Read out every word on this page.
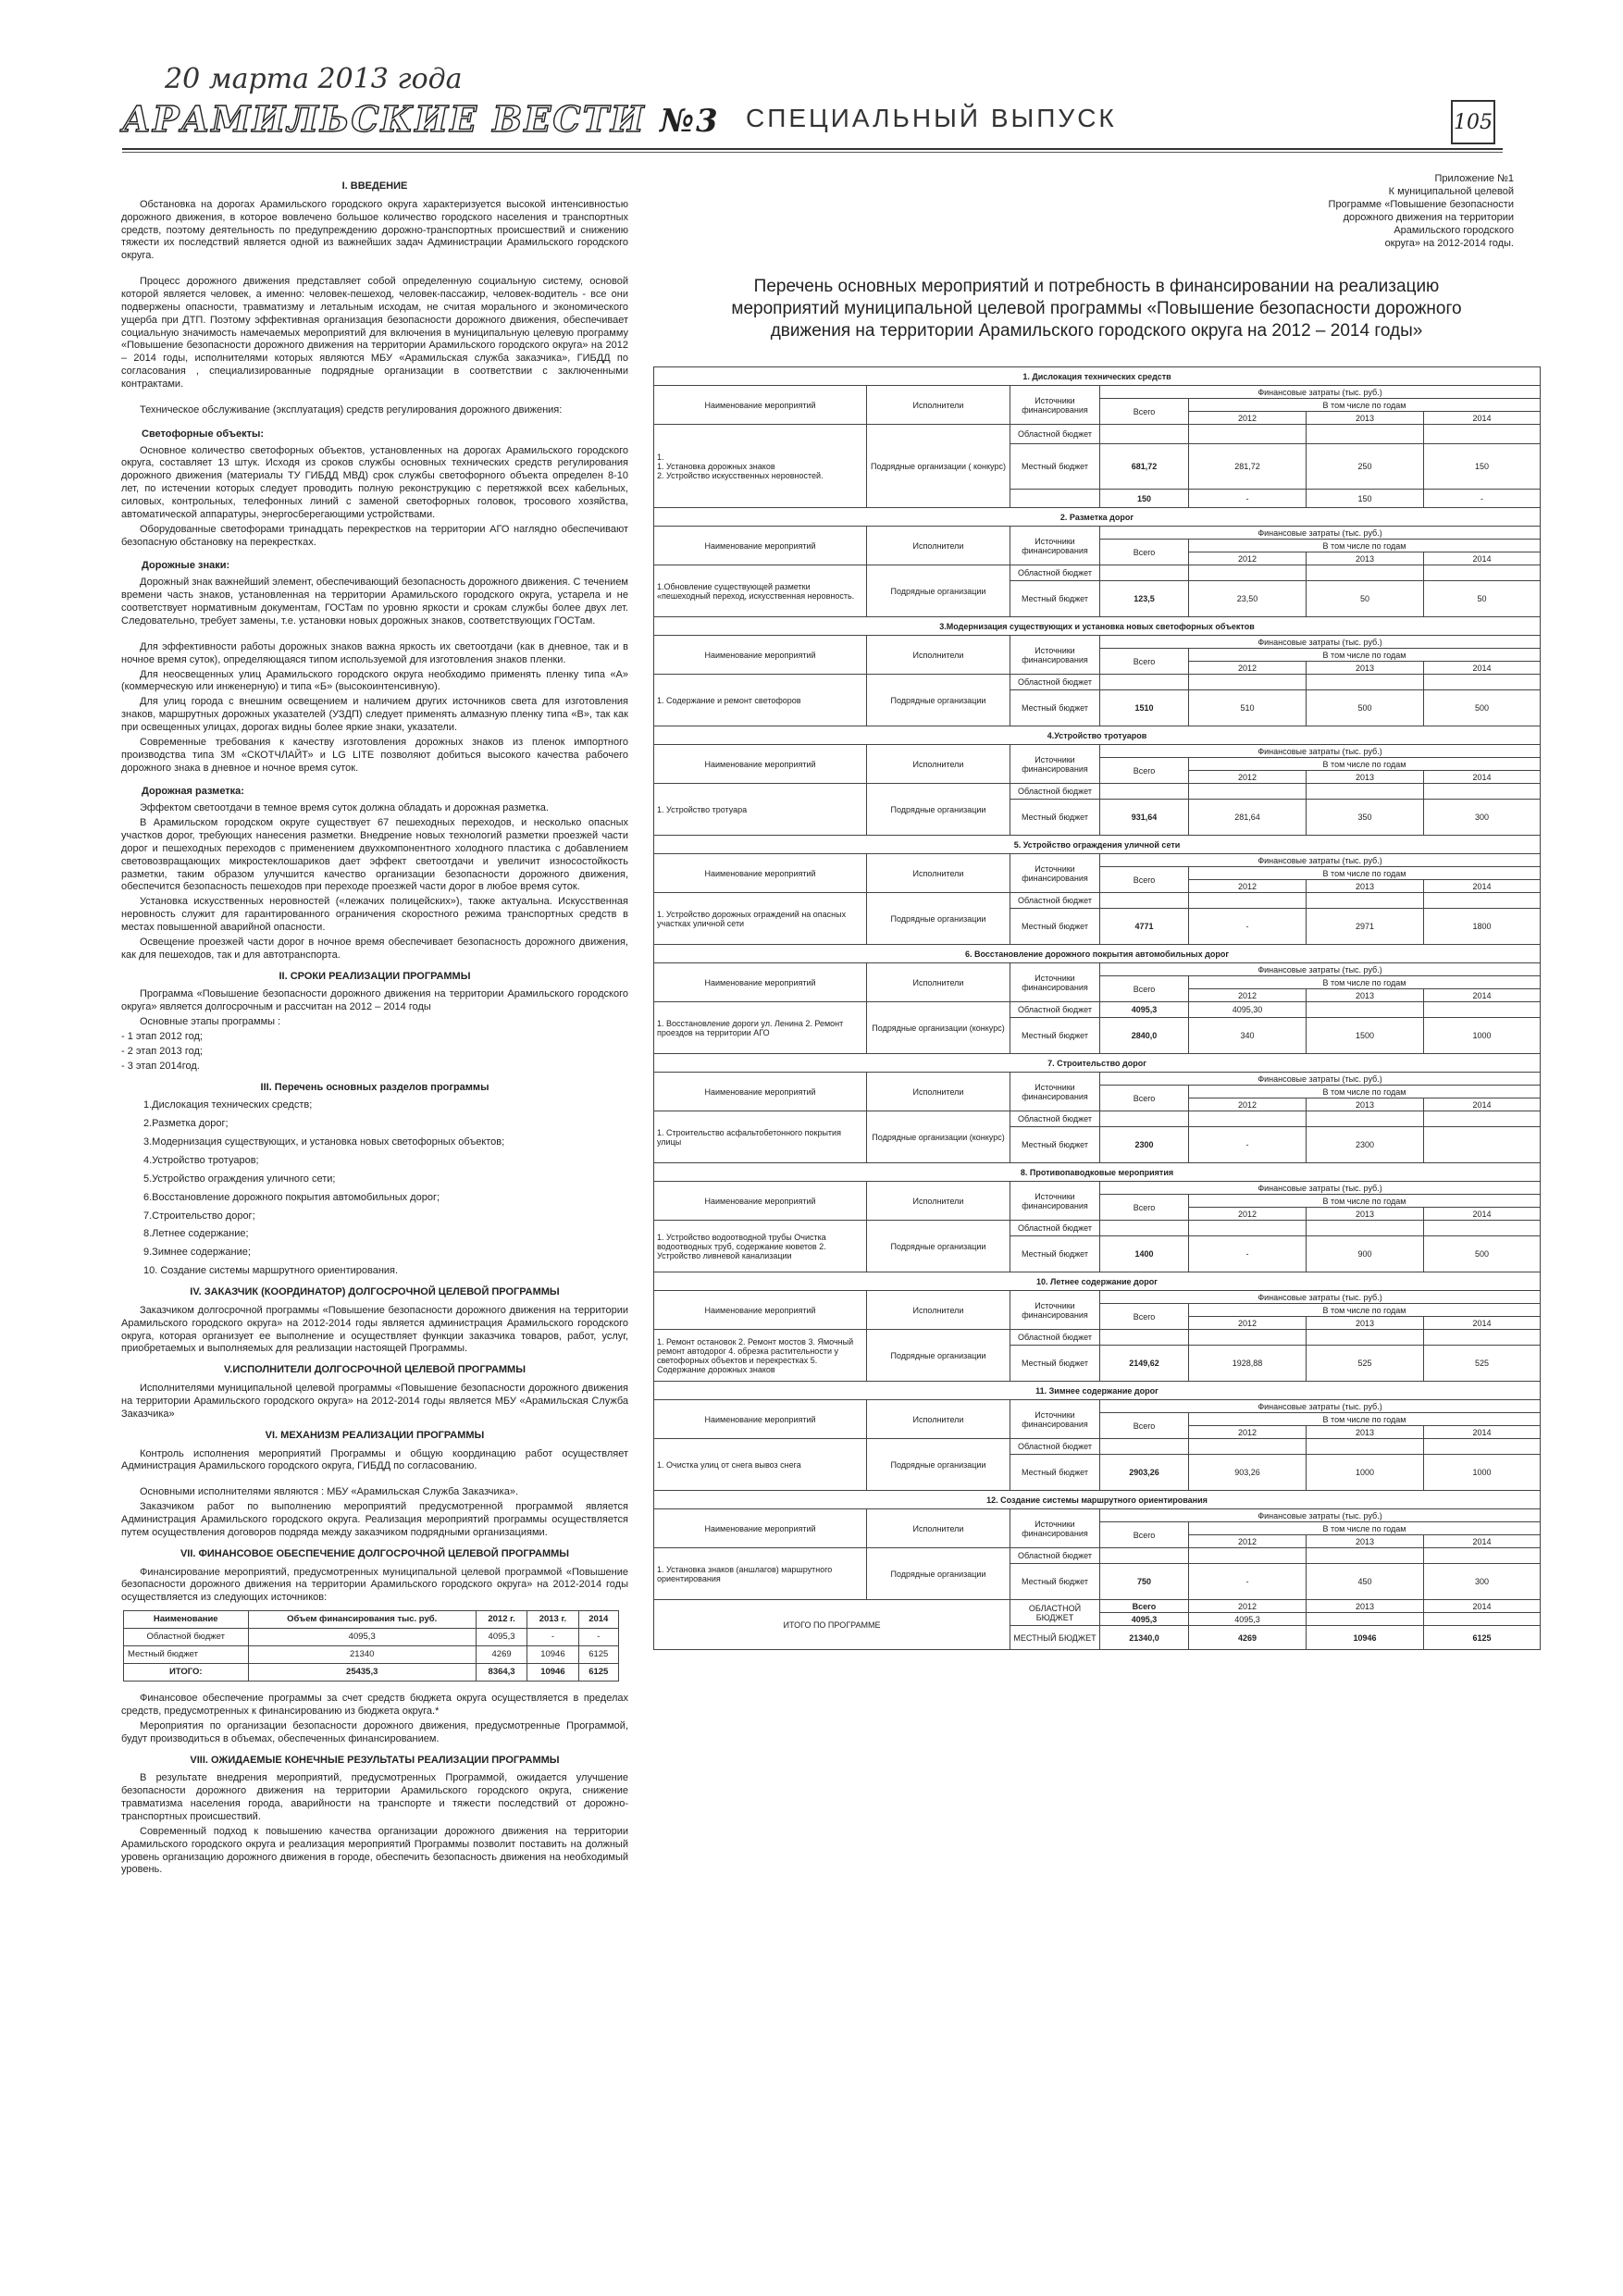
20 марта 2013 года
АРАМИЛЬСКИЕ ВЕСТИ №3 СПЕЦИАЛЬНЫЙ ВЫПУСК	105
I. ВВЕДЕНИЕ

Обстановка на дорогах Арамильского городского округа характеризуется высокой интенсивностью дорожного движения, в которое вовлечено большое количество городского населения и транспортных средств, поэтому деятельность по предупреждению дорожно-транспортных происшествий и снижению тяжести их последствий является одной из важнейших задач Администрации Арамильского городского округа.

Процесс дорожного движения представляет собой определенную социальную систему, основой которой является человек, а именно: человек-пешеход, человек-пассажир, человек-водитель - все они подвержены опасности, травматизму и летальным исходам, не считая морального и экономического ущерба при ДТП. Поэтому эффективная организация безопасности дорожного движения, обеспечивает социальную значимость намечаемых мероприятий для включения в муниципальную целевую программу «Повышение безопасности дорожного движения на территории Арамильского городского округа» на 2012 – 2014 годы, исполнителями которых являются МБУ «Арамильская служба заказчика», ГИБДД по согласования , специализированные подрядные организации в соответствии с заключенными контрактами.

Техническое обслуживание (эксплуатация) средств регулирования дорожного движения:

Светофорные объекты:

Основное количество светофорных объектов, установленных на дорогах Арамильского городского округа, составляет 13 штук. Исходя из сроков службы основных технических средств регулирования дорожного движения (материалы ТУ ГИБДД МВД) срок службы светофорного объекта определен 8-10 лет, по истечении которых следует проводить полную реконструкцию с перетяжкой всех кабельных, силовых, контрольных, телефонных линий с заменой светофорных головок, тросового хозяйства, автоматической аппаратуры, энергосберегающими устройствами.

Оборудованные светофорами тринадцать перекрестков на территории АГО наглядно обеспечивают безопасную обстановку на перекрестках.

Дорожные знаки:

Дорожный знак важнейший элемент, обеспечивающий безопасность дорожного движения. С течением времени часть знаков, установленная на территории Арамильского городского округа, устарела и не соответствует нормативным документам, ГОСТам по уровню яркости и срокам службы более двух лет. Следовательно, требует замены, т.е. установки новых дорожных знаков, соответствующих ГОСТам.

Для эффективности работы дорожных знаков важна яркость их светоотдачи (как в дневное, так и в ночное время суток), определяющаяся типом используемой для изготовления знаков пленки.

Для неосвещенных улиц Арамильского городского округа необходимо применять пленку типа «А» (коммерческую или инженерную) и типа «Б» (высокоинтенсивную).

Для улиц города с внешним освещением и наличием других источников света для изготовления знаков, маршрутных дорожных указателей (УЗДП) следует применять алмазную пленку типа «В», так как при освещенных улицах, дорогах видны более яркие знаки, указатели.

Современные требования к качеству изготовления дорожных знаков из пленок импортного производства типа 3М «СКОТЧЛАЙТ» и LG LITE позволяют добиться высокого качества рабочего дорожного знака в дневное и ночное время суток.

Дорожная разметка:

Эффектом светоотдачи в темное время суток должна обладать и дорожная разметка.

В Арамильском городском округе существует 67 пешеходных переходов, и несколько опасных участков дорог, требующих нанесения разметки. Внедрение новых технологий разметки проезжей части дорог и пешеходных переходов с применением двухкомпонентного холодного пластика с добавлением световозвращающих микростеклошариков дает эффект светоотдачи и увеличит износостойкость разметки, таким образом улучшится качество организации безопасности дорожного движения, обеспечится безопасность пешеходов при переходе проезжей части дорог в любое время суток.

Установка искусственных неровностей («лежачих полицейских»), также актуальна. Искусственная неровность служит для гарантированного ограничения скоростного режима транспортных средств в местах повышенной аварийной опасности.

Освещение проезжей части дорог в ночное время обеспечивает безопасность дорожного движения, как для пешеходов, так и для автотранспорта.

II. СРОКИ РЕАЛИЗАЦИИ ПРОГРАММЫ

Программа «Повышение безопасности дорожного движения на территории Арамильского городского округа» является долгосрочным и рассчитан на 2012 – 2014 годы

Основные этапы программы :

- 1 этап 2012 год;

- 2 этап 2013 год;

- 3 этап 2014год.

III. Перечень основных разделов программы
1.Дислокация технических средств;
2.Разметка дорог;
3.Модернизация существующих, и установка новых светофорных объектов;
4.Устройство тротуаров;
5.Устройство ограждения уличного сети;
6.Восстановление дорожного покрытия автомобильных дорог;
7.Строительство дорог;
8.Летнее содержание;
9.Зимнее содержание;
10. Создание системы маршрутного ориентирования.
IV. ЗАКАЗЧИК (КООРДИНАТОР) ДОЛГОСРОЧНОЙ ЦЕЛЕВОЙ ПРОГРАММЫ

Заказчиком долгосрочной программы «Повышение безопасности дорожного движения на территории Арамильского городского округа» на 2012-2014 годы является администрация Арамильского городского округа, которая организует ее выполнение и осуществляет функции заказчика товаров, работ, услуг, приобретаемых и выполняемых для реализации настоящей Программы.

V.ИСПОЛНИТЕЛИ ДОЛГОСРОЧНОЙ ЦЕЛЕВОЙ ПРОГРАММЫ

Исполнителями муниципальной целевой программы «Повышение безопасности дорожного движения на территории Арамильского городского округа» на 2012-2014 годы является МБУ «Арамильская Служба Заказчика»

VI. МЕХАНИЗМ РЕАЛИЗАЦИИ ПРОГРАММЫ

Контроль исполнения мероприятий Программы и общую координацию работ осуществляет Администрация Арамильского городского округа, ГИБДД по согласованию.

Основными исполнителями являются : МБУ «Арамильская Служба Заказчика».

Заказчиком работ по выполнению мероприятий предусмотренной программой является Администрация Арамильского городского округа. Реализация мероприятий программы осуществляется путем осуществления договоров подряда между заказчиком подрядными организациями.

VII. ФИНАНСОВОЕ ОБЕСПЕЧЕНИЕ ДОЛГОСРОЧНОЙ ЦЕЛЕВОЙ ПРОГРАММЫ

Финансирование мероприятий, предусмотренных муниципальной целевой программой «Повышение безопасности дорожного движения на территории Арамильского городского округа» на 2012-2014 годы осуществляется из следующих источников:

Наименование	Объем финансирования тыс. руб.	2012 г.	2013 г.	2014
Областной бюджет	4095,3	4095,3	-	-
Местный бюджет	21340	4269	10946	6125
ИТОГО:	25435,3	8364,3	10946	6125

Финансовое обеспечение программы за счет средств бюджета округа осуществляется в пределах средств, предусмотренных к финансированию из бюджета округа.*

Мероприятия по организации безопасности дорожного движения, предусмотренные Программой, будут производиться в объемах, обеспеченных финансированием.

VIII. ОЖИДАЕМЫЕ КОНЕЧНЫЕ РЕЗУЛЬТАТЫ РЕАЛИЗАЦИИ ПРОГРАММЫ

В результате внедрения мероприятий, предусмотренных Программой, ожидается улучшение безопасности дорожного движения на территории Арамильского городского округа, снижение травматизма населения города, аварийности на транспорте и тяжести последствий от дорожно- транспортных происшествий.

Современный подход к повышению качества организации дорожного движения на территории Арамильского городского округа и реализация мероприятий Программы позволит поставить на должный уровень организацию дорожного движения в городе, обеспечить безопасность движения на необходимый уровень.

Приложение №1
К муниципальной целевой
Программе «Повышение безопасности
дорожного движения на территории
Арамильского городского
округа» на 2012-2014 годы.
Перечень основных мероприятий и потребность в финансировании на реализацию мероприятий муниципальной целевой программы «Повышение безопасности дорожного движения на территории Арамильского городского округа на 2012 – 2014 годы»
1. Дислокация технических средств						
Наименование мероприятий	Исполнители	Источники финансирования	Финансовые затраты (тыс. руб.)			
			Всего	В том числе по годам		
				2012	2013	2014

1.
1. Установка дорожных знаков
2. Устройство искусственных неровностей.	Подрядные организации ( конкурс)	Областной бюджет				
		Местный бюджет	681,72	281,72	250	150
			150	-	150	-
2. Разметка дорог						
Наименование мероприятий	Исполнители	Источники финансирования	Финансовые затраты (тыс. руб.)			
			Всего	В том числе по годам		
				2012	2013	2014

1.Обновление существующей разметки «пешеходный переход, искусственная неровность.	Подрядные организации	Областной бюджет				
		Местный бюджет	123,5	23,50	50	50
3.Модернизация существующих и установка новых светофорных объектов						
Наименование мероприятий	Исполнители	Источники финансирования	Финансовые затраты (тыс. руб.)			
			Всего	В том числе по годам		
				2012	2013	2014

1. Содержание и ремонт светофоров	Подрядные организации	Областной бюджет				
		Местный бюджет	1510	510	500	500
4.Устройство тротуаров						
Наименование мероприятий	Исполнители	Источники финансирования	Финансовые затраты (тыс. руб.)			
			Всего	В том числе по годам		
				2012	2013	2014

1. Устройство тротуара	Подрядные организации	Областной бюджет				
		Местный бюджет	931,64	281,64	350	300
5. Устройство ограждения уличной сети						
Наименование мероприятий	Исполнители	Источники финансирования	Финансовые затраты (тыс. руб.)			
			Всего	В том числе по годам		
				2012	2013	2014

1. Устройство дорожных ограждений на опасных участках уличной сети	Подрядные организации	Областной бюджет				
		Местный бюджет	4771	-	2971	1800
6. Восстановление дорожного покрытия автомобильных дорог						
Наименование мероприятий	Исполнители	Источники финансирования	Финансовые затраты (тыс. руб.)			
			Всего	В том числе по годам		
				2012	2013	2014

1. Восстановление дороги ул. Ленина 2. Ремонт проездов на территории АГО	Подрядные организации (конкурс)	Областной бюджет	4095,3	4095,30		
		Местный бюджет	2840,0	340	1500	1000
7. Строительство дорог						
Наименование мероприятий	Исполнители	Источники финансирования	Финансовые затраты (тыс. руб.)			
			Всего	В том числе по годам		
				2012	2013	2014

1. Строительство асфальтобетонного покрытия улицы	Подрядные организации (конкурс)	Областной бюджет				
		Местный бюджет	2300	-	2300	
8. Противопаводковые мероприятия						
Наименование мероприятий	Исполнители	Источники финансирования	Финансовые затраты (тыс. руб.)			
			Всего	В том числе по годам		
				2012	2013	2014

1. Устройство водоотводной трубы Очистка водоотводных труб, содержание кюветов 2. Устройство ливневой канализации	Подрядные организации	Областной бюджет				
		Местный бюджет	1400	-	900	500
10. Летнее содержание дорог						
Наименование мероприятий	Исполнители	Источники финансирования	Финансовые затраты (тыс. руб.)			
			Всего	В том числе по годам		
				2012	2013	2014

1. Ремонт остановок 2. Ремонт мостов 3. Ямочный ремонт автодорог 4. обрезка растительности у светофорных объектов и перекрестках 5. Содержание дорожных знаков	Подрядные организации	Областной бюджет				
		Местный бюджет	2149,62	1928,88	525	525
11. Зимнее содержание дорог						
Наименование мероприятий	Исполнители	Источники финансирования	Финансовые затраты (тыс. руб.)			
			Всего	В том числе по годам		
				2012	2013	2014

1. Очистка улиц от снега вывоз снега	Подрядные организации	Областной бюджет				
		Местный бюджет	2903,26	903,26	1000	1000
12. Создание системы маршрутного ориентирования						
Наименование мероприятий	Исполнители	Источники финансирования	Финансовые затраты (тыс. руб.)			
			Всего	В том числе по годам		
				2012	2013	2014

1. Установка знаков (аншлагов) маршрутного ориентирования	Подрядные организации	Областной бюджет				
		Местный бюджет	750	-	450	300
ИТОГО ПО ПРОГРАММЕ		ОБЛАСТНОЙ БЮДЖЕТ	Всего	2012	2013	2014
			4095,3	4095,3		
		МЕСТНЫЙ БЮДЖЕТ	21340,0	4269	10946	6125
